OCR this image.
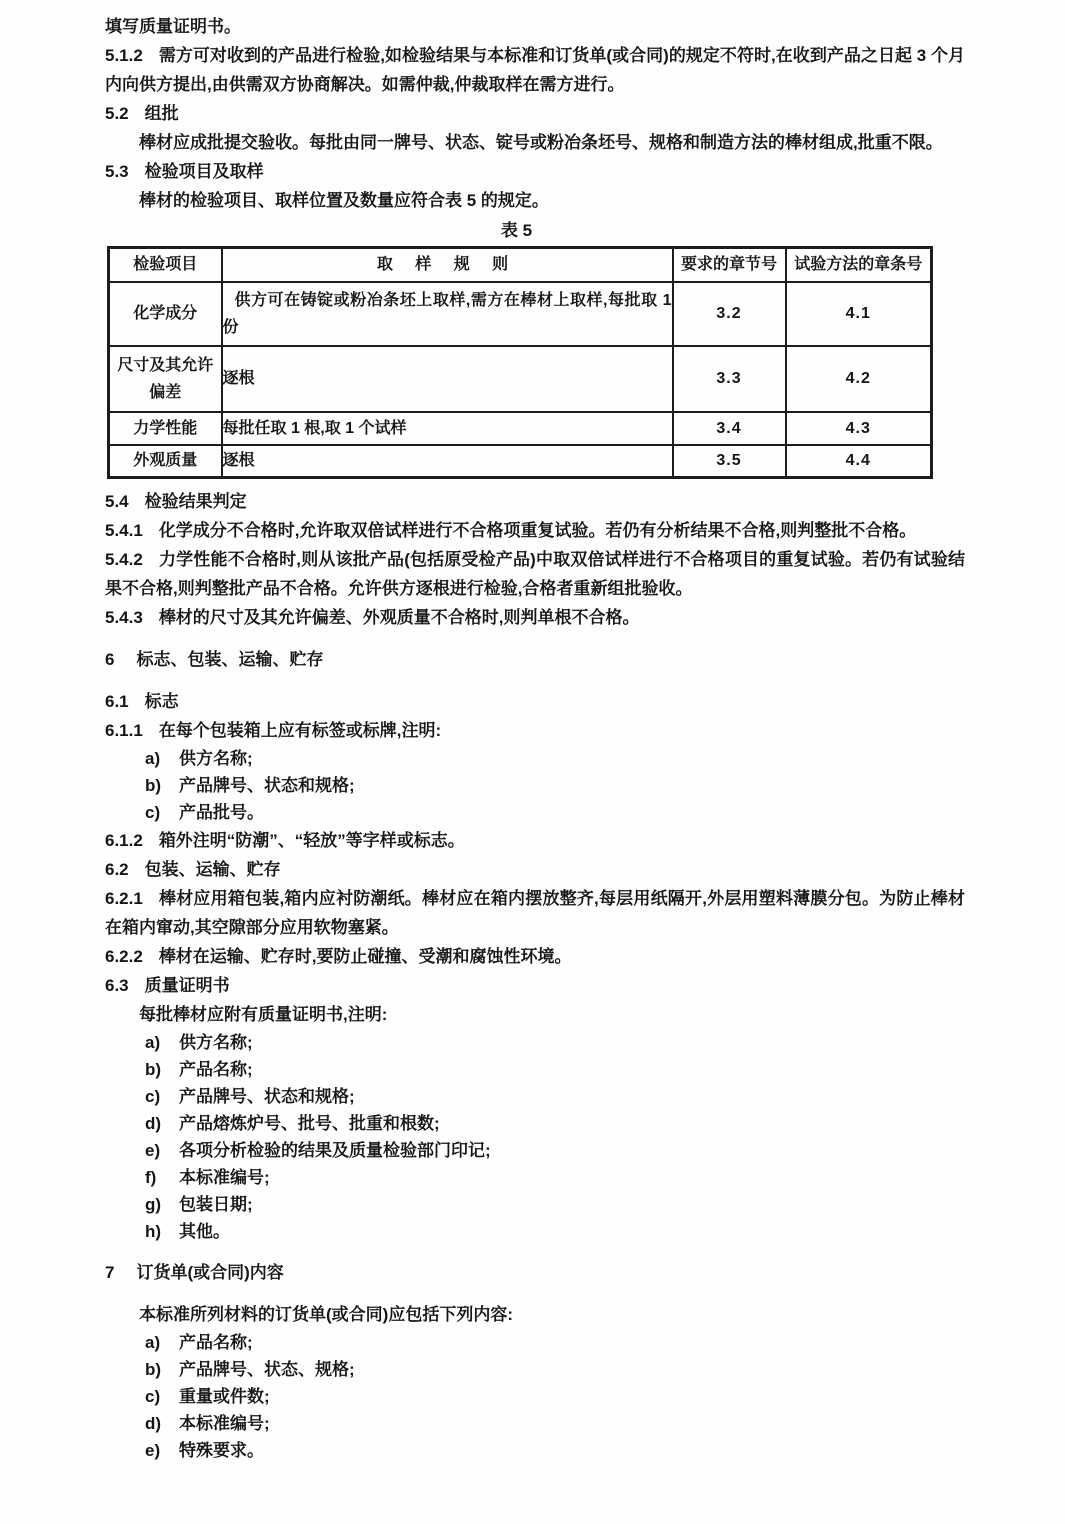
填写质量证明书。

5.1.2 需方可对收到的产品进行检验,如检验结果与本标准和订货单(或合同)的规定不符时,在收到产品之日起 3 个月内向供方提出,由供需双方协商解决。如需仲裁,仲裁取样在需方进行。

5.2 组批

棒材应成批提交验收。每批由同一牌号、状态、锭号或粉冶条坯号、规格和制造方法的棒材组成,批重不限。

5.3 检验项目及取样

棒材的检验项目、取样位置及数量应符合表 5 的规定。

表 5
检验项目	取 样 规 则	要求的章节号	试验方法的章条号
化学成分	供方可在铸锭或粉冶条坯上取样,需方在棒材上取样,每批取 1 份	3.2	4.1
尺寸及其允许偏差	逐根	3.3	4.2
力学性能	每批任取 1 根,取 1 个试样	3.4	4.3
外观质量	逐根	3.5	4.4

5.4 检验结果判定

5.4.1 化学成分不合格时,允许取双倍试样进行不合格项重复试验。若仍有分析结果不合格,则判整批不合格。

5.4.2 力学性能不合格时,则从该批产品(包括原受检产品)中取双倍试样进行不合格项目的重复试验。若仍有试验结果不合格,则判整批产品不合格。允许供方逐根进行检验,合格者重新组批验收。

5.4.3 棒材的尺寸及其允许偏差、外观质量不合格时,则判单根不合格。

6 标志、包装、运输、贮存

6.1 标志

6.1.1 在每个包装箱上应有标签或标牌,注明:

a) 供方名称;

b) 产品牌号、状态和规格;

c) 产品批号。

6.1.2 箱外注明“防潮”、“轻放”等字样或标志。

6.2 包装、运输、贮存

6.2.1 棒材应用箱包装,箱内应衬防潮纸。棒材应在箱内摆放整齐,每层用纸隔开,外层用塑料薄膜分包。为防止棒材在箱内窜动,其空隙部分应用软物塞紧。

6.2.2 棒材在运输、贮存时,要防止碰撞、受潮和腐蚀性环境。

6.3 质量证明书

每批棒材应附有质量证明书,注明:

a) 供方名称;

b) 产品名称;

c) 产品牌号、状态和规格;

d) 产品熔炼炉号、批号、批重和根数;

e) 各项分析检验的结果及质量检验部门印记;

f) 本标准编号;

g) 包装日期;

h) 其他。

7 订货单(或合同)内容

本标准所列材料的订货单(或合同)应包括下列内容:

a) 产品名称;

b) 产品牌号、状态、规格;

c) 重量或件数;

d) 本标准编号;

e) 特殊要求。
